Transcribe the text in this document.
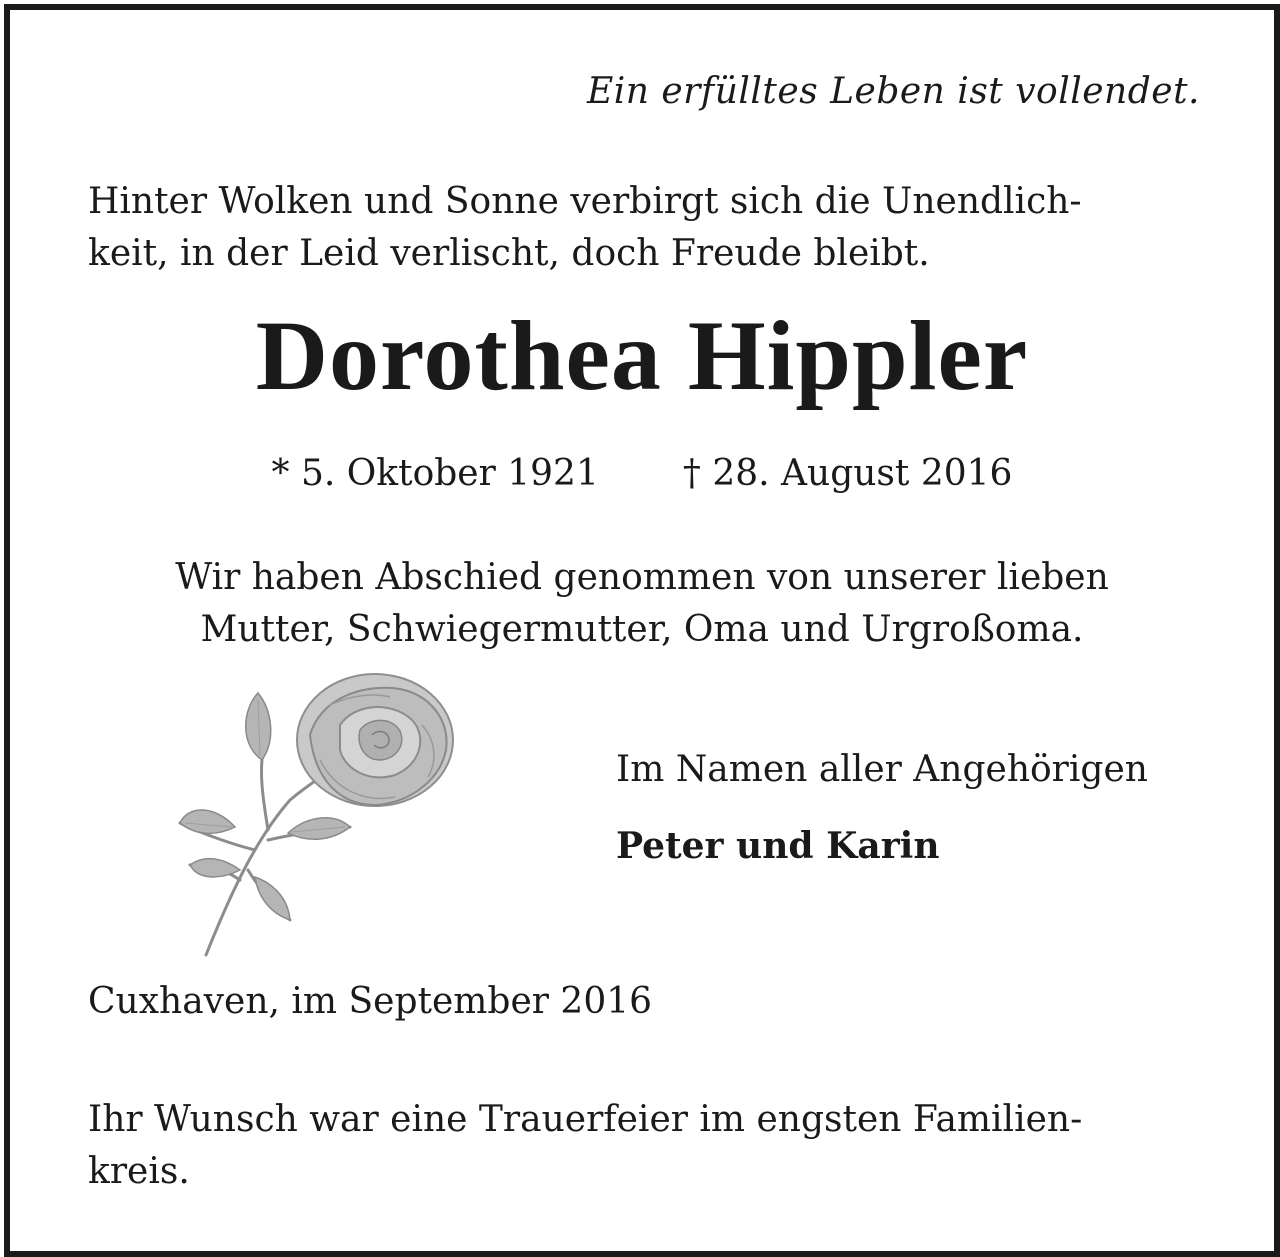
Ein erfülltes Leben ist vollendet.
Hinter Wolken und Sonne verbirgt sich die Unendlich-
keit, in der Leid verlischt, doch Freude bleibt.
Dorothea Hippler
* 5. Oktober 1921 † 28. August 2016
Wir haben Abschied genommen von unserer lieben
Mutter, Schwiegermutter, Oma und Urgroßoma.
Im Namen aller Angehörigen
Peter und Karin
Cuxhaven, im September 2016
Ihr Wunsch war eine Trauerfeier im engsten Familien-
kreis.
